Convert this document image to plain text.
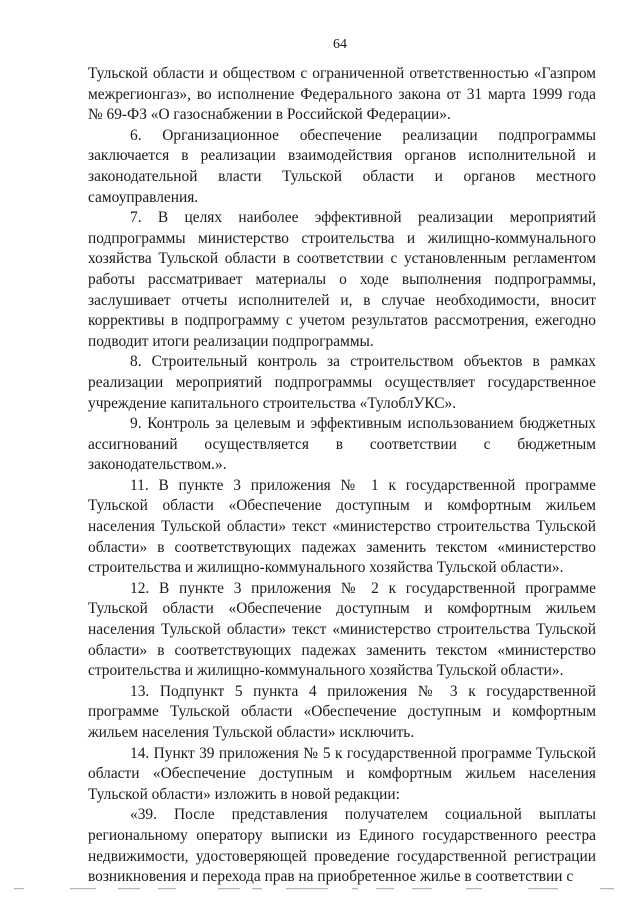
64

Тульской области и обществом с ограниченной ответственностью «Газпром межрегионгаз», во исполнение Федерального закона от 31 марта 1999 года № 69-ФЗ «О газоснабжении в Российской Федерации».

6. Организационное обеспечение реализации подпрограммы заключается в реализации взаимодействия органов исполнительной и законодательной власти Тульской области и органов местного самоуправления.

7. В целях наиболее эффективной реализации мероприятий подпрограммы министерство строительства и жилищно-коммунального хозяйства Тульской области в соответствии с установленным регламентом работы рассматривает материалы о ходе выполнения подпрограммы, заслушивает отчеты исполнителей и, в случае необходимости, вносит коррективы в подпрограмму с учетом результатов рассмотрения, ежегодно подводит итоги реализации подпрограммы.

8. Строительный контроль за строительством объектов в рамках реализации мероприятий подпрограммы осуществляет государственное учреждение капитального строительства «ТулоблУКС».

9. Контроль за целевым и эффективным использованием бюджетных ассигнований осуществляется в соответствии с бюджетным законодательством.».

11. В пункте 3 приложения № 1 к государственной программе Тульской области «Обеспечение доступным и комфортным жильем населения Тульской области» текст «министерство строительства Тульской области» в соответствующих падежах заменить текстом «министерство строительства и жилищно-коммунального хозяйства Тульской области».

12. В пункте 3 приложения № 2 к государственной программе Тульской области «Обеспечение доступным и комфортным жильем населения Тульской области» текст «министерство строительства Тульской области» в соответствующих падежах заменить текстом «министерство строительства и жилищно-коммунального хозяйства Тульской области».

13. Подпункт 5 пункта 4 приложения № 3 к государственной программе Тульской области «Обеспечение доступным и комфортным жильем населения Тульской области» исключить.

14. Пункт 39 приложения № 5 к государственной программе Тульской области «Обеспечение доступным и комфортным жильем населения Тульской области» изложить в новой редакции:

«39. После представления получателем социальной выплаты региональному оператору выписки из Единого государственного реестра недвижимости, удостоверяющей проведение государственной регистрации возникновения и перехода прав на приобретенное жилье в соответствии с
